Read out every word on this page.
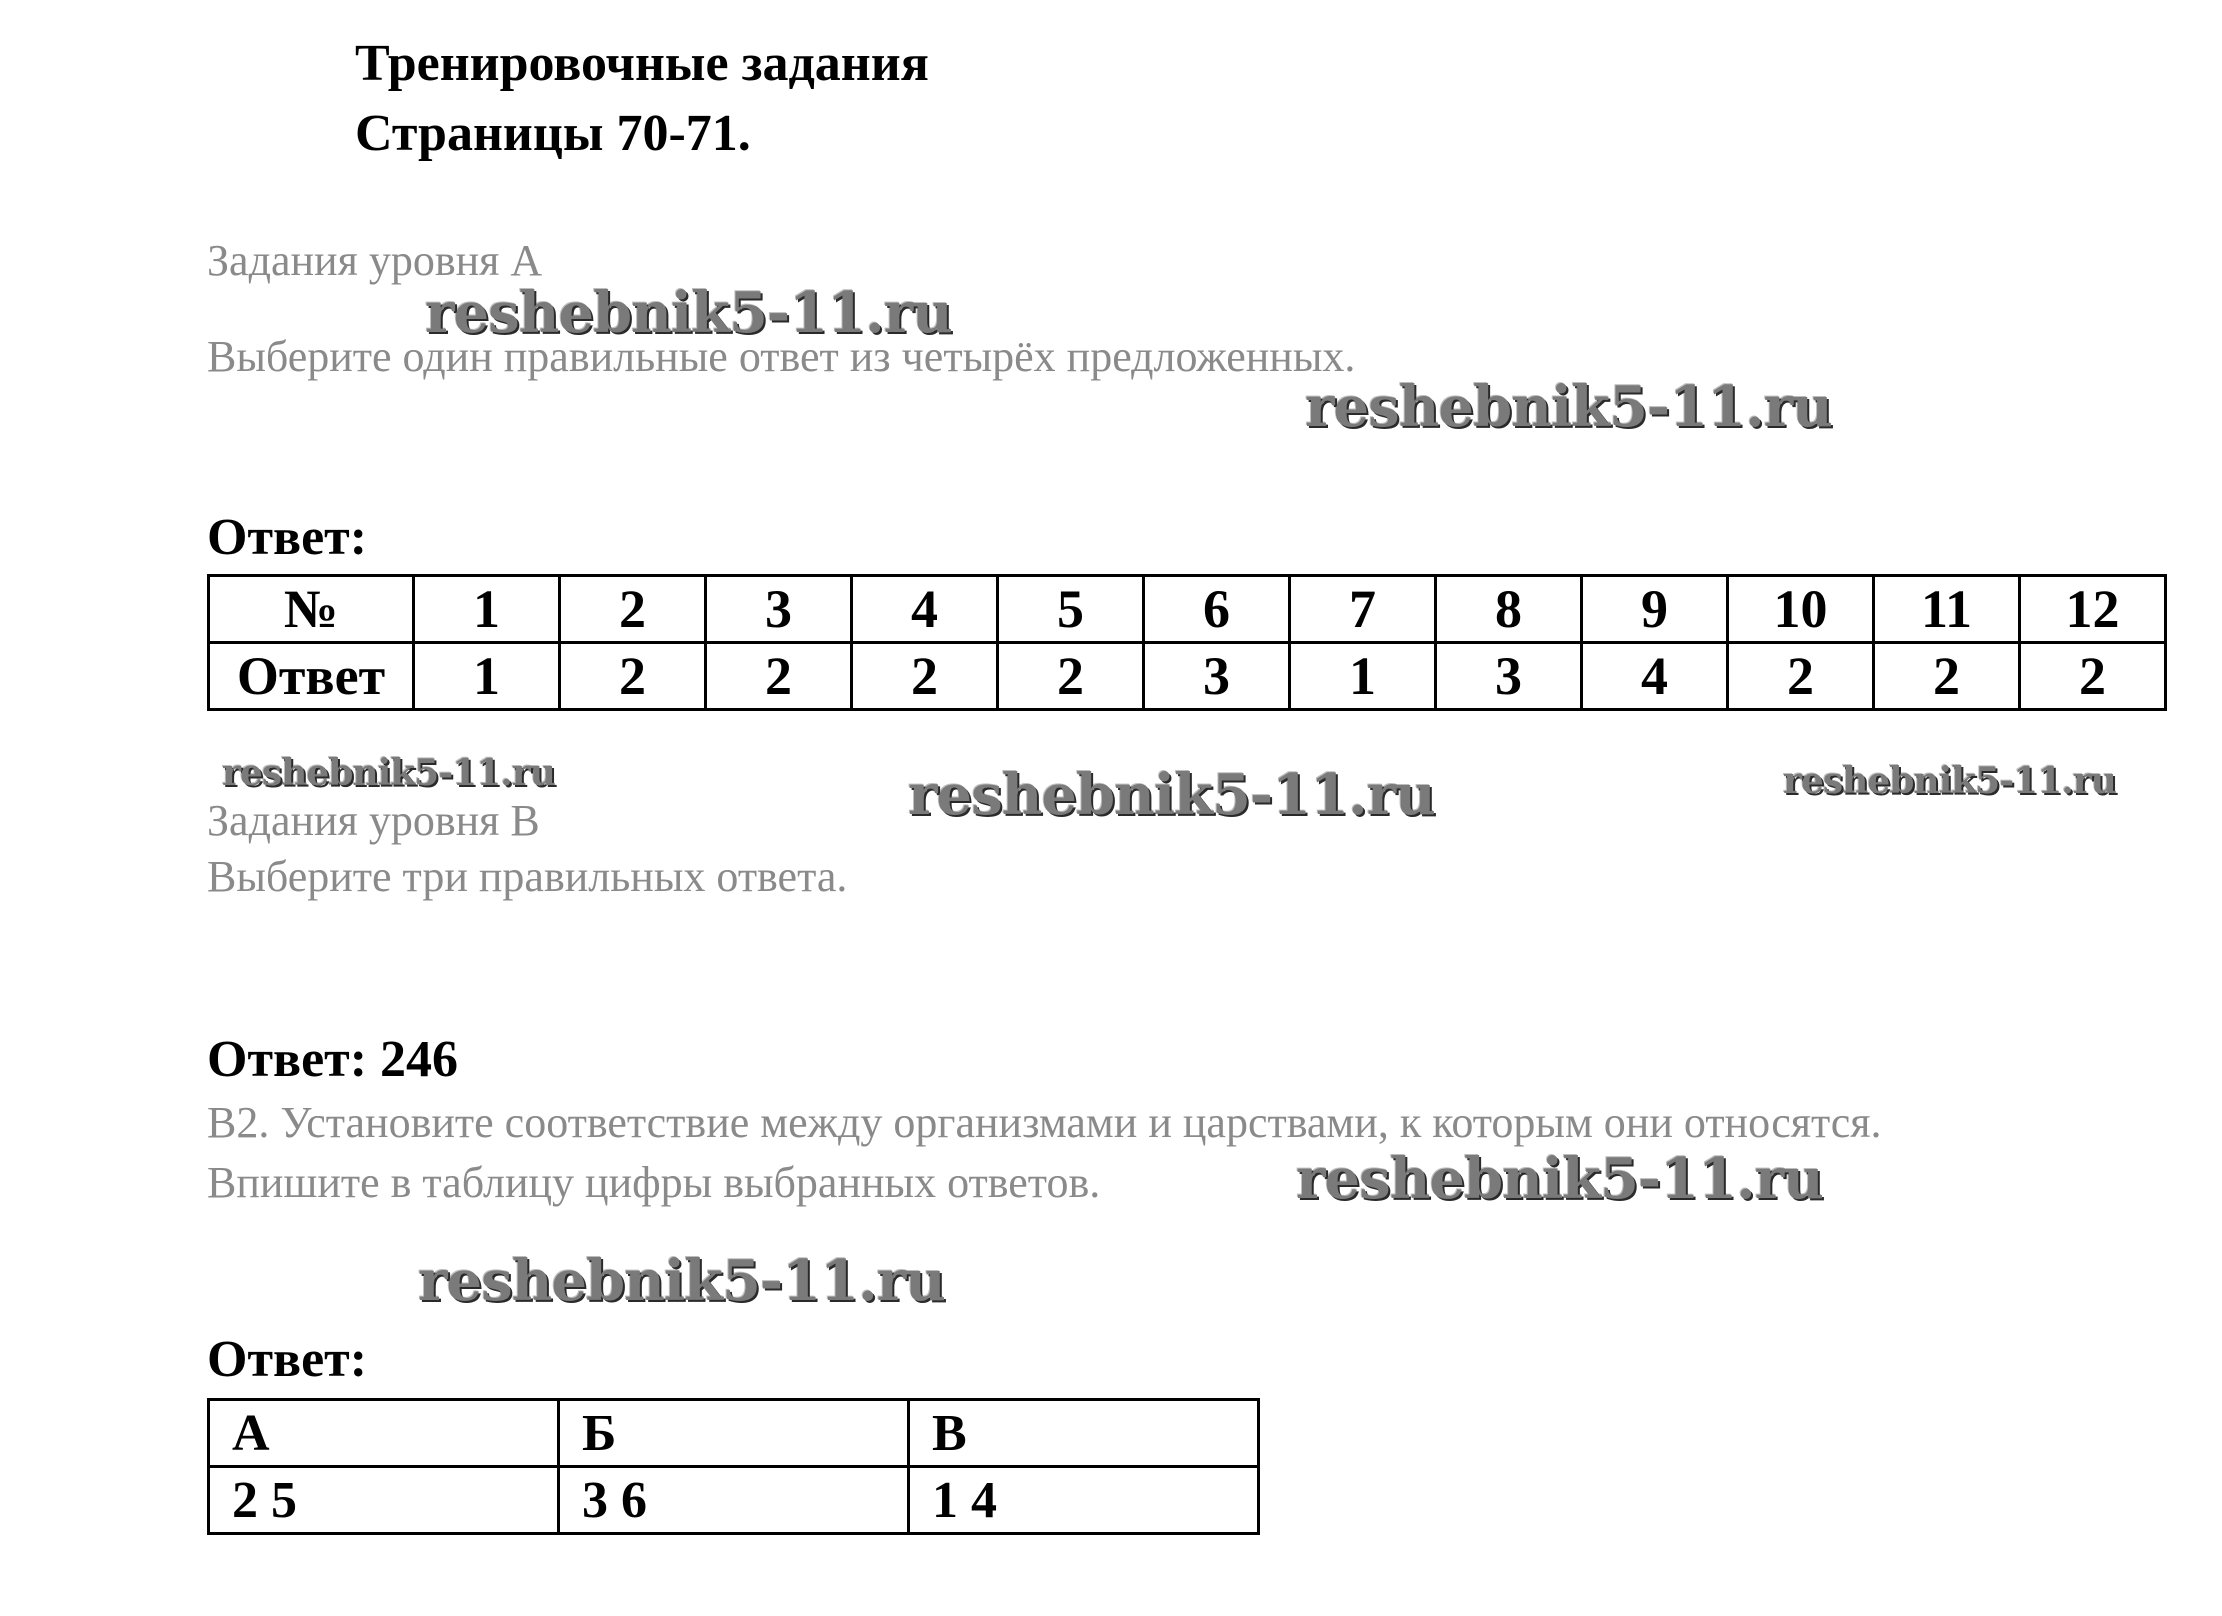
Тренировочные задания
Страницы 70-71.
Задания уровня А
reshebnik5-11.ru
Выберите один правильные ответ из четырёх предложенных.
reshebnik5-11.ru
Ответ:
№	1	2	3	4	5	6	7	8	9	10	11	12
Ответ	1	2	2	2	2	3	1	3	4	2	2	2
reshebnik5-11.ru	reshebnik5-11.ru	reshebnik5-11.ru
Задания уровня В
Выберите три правильных ответа.
Ответ: 246
В2. Установите соответствие между организмами и царствами, к которым они относятся.
Впишите в таблицу цифры выбранных ответов.	reshebnik5-11.ru
reshebnik5-11.ru
Ответ:
А	Б	В
2 5	3 6	1 4
